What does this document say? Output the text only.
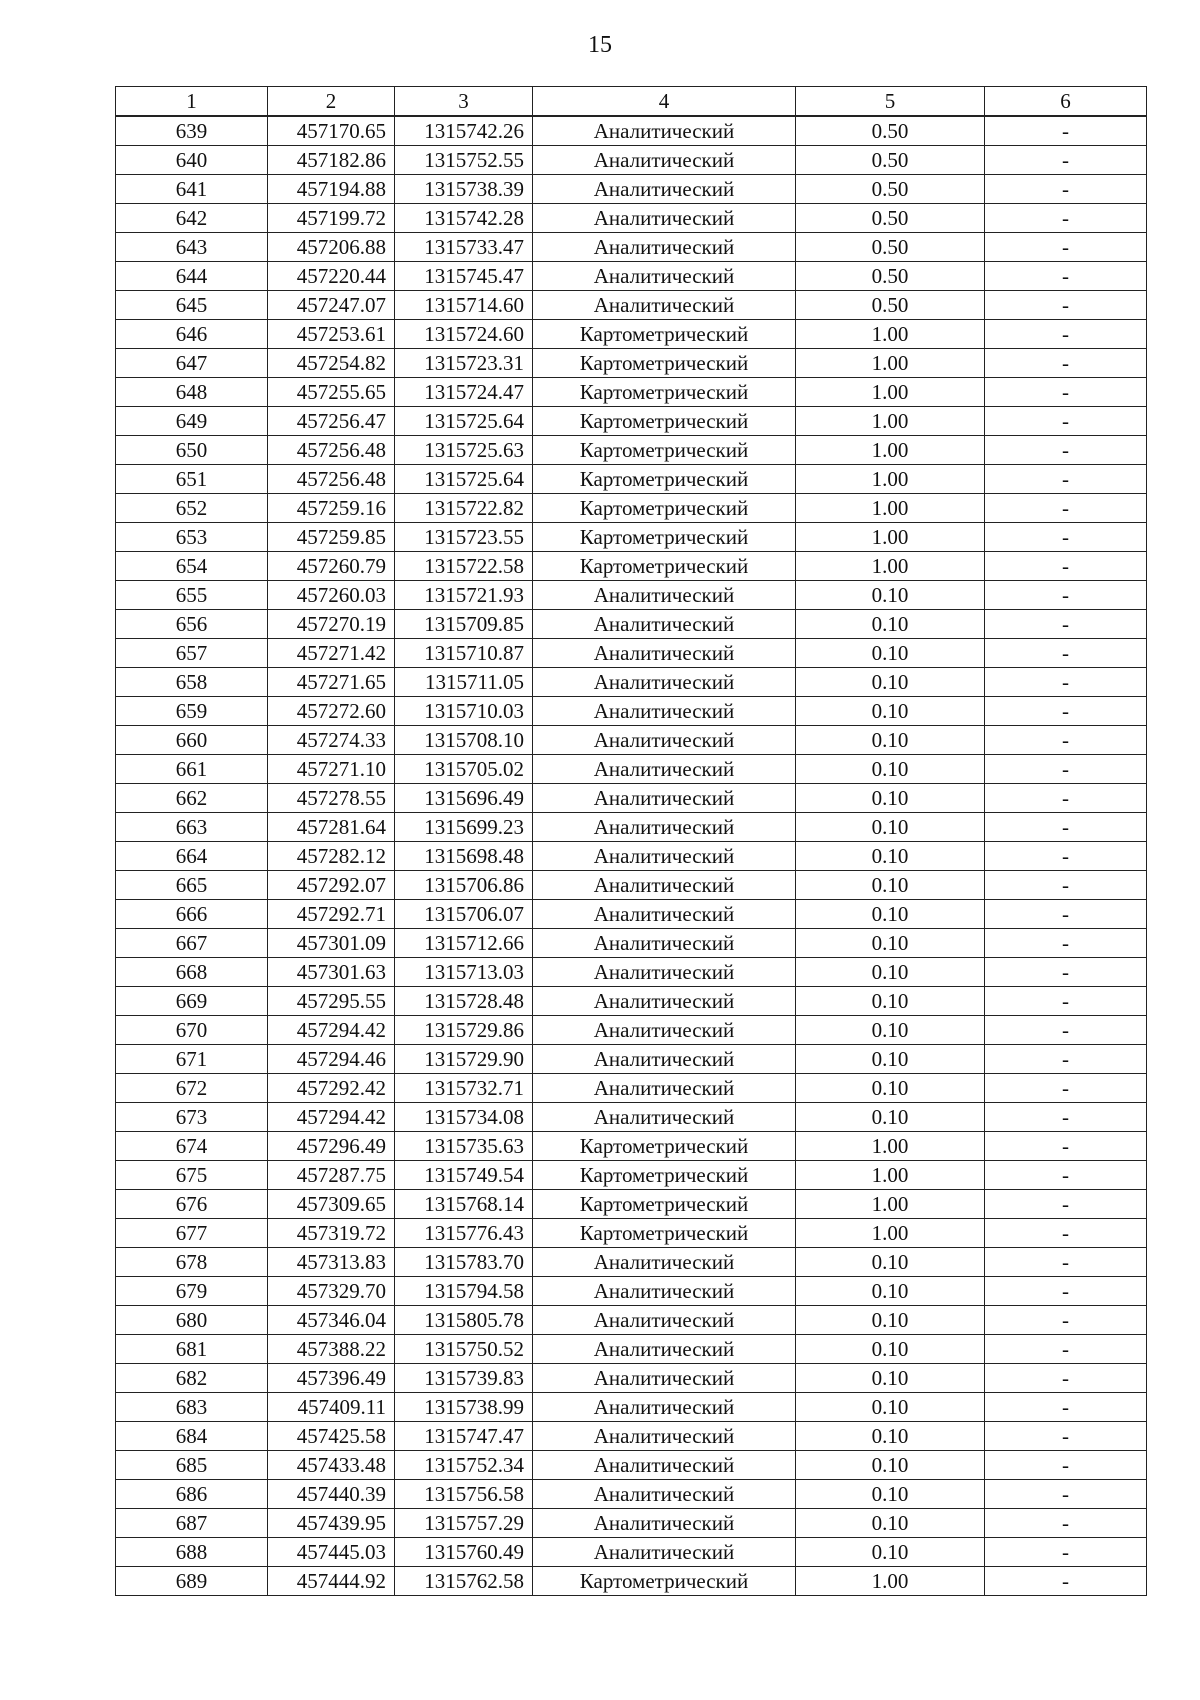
15
1	2	3	4	5	6
639	457170.65	1315742.26	Аналитический	0.50	-
640	457182.86	1315752.55	Аналитический	0.50	-
641	457194.88	1315738.39	Аналитический	0.50	-
642	457199.72	1315742.28	Аналитический	0.50	-
643	457206.88	1315733.47	Аналитический	0.50	-
644	457220.44	1315745.47	Аналитический	0.50	-
645	457247.07	1315714.60	Аналитический	0.50	-
646	457253.61	1315724.60	Картометрический	1.00	-
647	457254.82	1315723.31	Картометрический	1.00	-
648	457255.65	1315724.47	Картометрический	1.00	-
649	457256.47	1315725.64	Картометрический	1.00	-
650	457256.48	1315725.63	Картометрический	1.00	-
651	457256.48	1315725.64	Картометрический	1.00	-
652	457259.16	1315722.82	Картометрический	1.00	-
653	457259.85	1315723.55	Картометрический	1.00	-
654	457260.79	1315722.58	Картометрический	1.00	-
655	457260.03	1315721.93	Аналитический	0.10	-
656	457270.19	1315709.85	Аналитический	0.10	-
657	457271.42	1315710.87	Аналитический	0.10	-
658	457271.65	1315711.05	Аналитический	0.10	-
659	457272.60	1315710.03	Аналитический	0.10	-
660	457274.33	1315708.10	Аналитический	0.10	-
661	457271.10	1315705.02	Аналитический	0.10	-
662	457278.55	1315696.49	Аналитический	0.10	-
663	457281.64	1315699.23	Аналитический	0.10	-
664	457282.12	1315698.48	Аналитический	0.10	-
665	457292.07	1315706.86	Аналитический	0.10	-
666	457292.71	1315706.07	Аналитический	0.10	-
667	457301.09	1315712.66	Аналитический	0.10	-
668	457301.63	1315713.03	Аналитический	0.10	-
669	457295.55	1315728.48	Аналитический	0.10	-
670	457294.42	1315729.86	Аналитический	0.10	-
671	457294.46	1315729.90	Аналитический	0.10	-
672	457292.42	1315732.71	Аналитический	0.10	-
673	457294.42	1315734.08	Аналитический	0.10	-
674	457296.49	1315735.63	Картометрический	1.00	-
675	457287.75	1315749.54	Картометрический	1.00	-
676	457309.65	1315768.14	Картометрический	1.00	-
677	457319.72	1315776.43	Картометрический	1.00	-
678	457313.83	1315783.70	Аналитический	0.10	-
679	457329.70	1315794.58	Аналитический	0.10	-
680	457346.04	1315805.78	Аналитический	0.10	-
681	457388.22	1315750.52	Аналитический	0.10	-
682	457396.49	1315739.83	Аналитический	0.10	-
683	457409.11	1315738.99	Аналитический	0.10	-
684	457425.58	1315747.47	Аналитический	0.10	-
685	457433.48	1315752.34	Аналитический	0.10	-
686	457440.39	1315756.58	Аналитический	0.10	-
687	457439.95	1315757.29	Аналитический	0.10	-
688	457445.03	1315760.49	Аналитический	0.10	-
689	457444.92	1315762.58	Картометрический	1.00	-
